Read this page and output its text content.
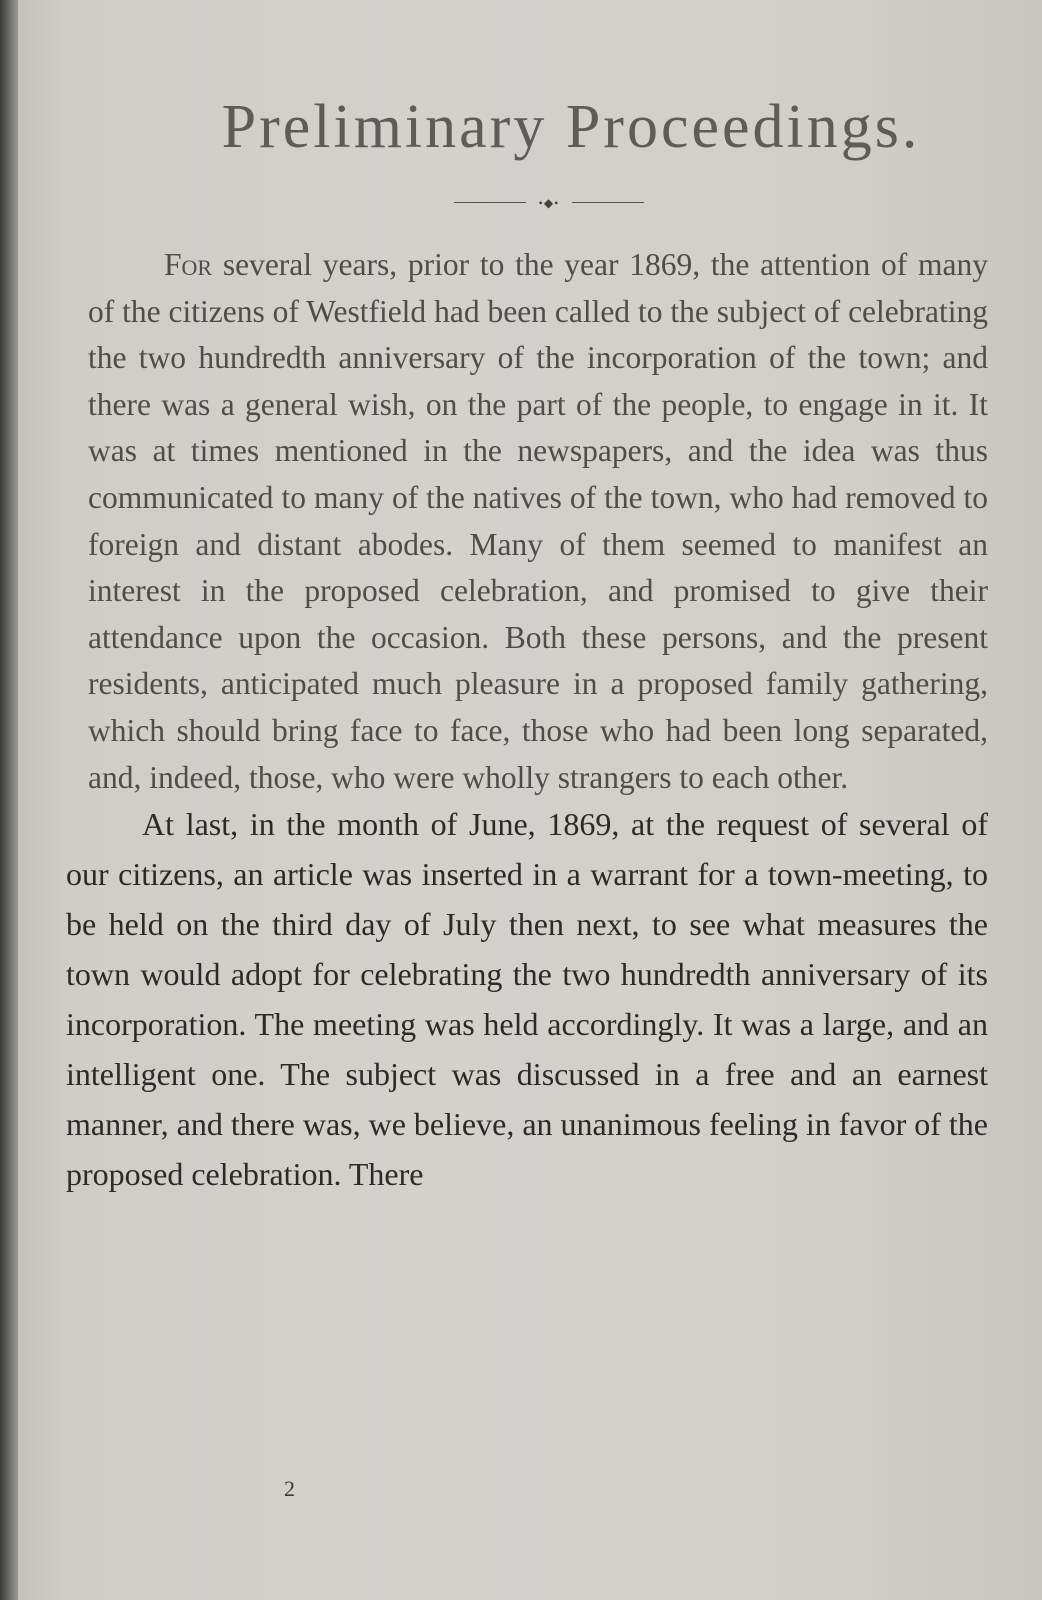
Preliminary Proceedings.
•◆•

For several years, prior to the year 1869, the attention of many of the citizens of Westfield had been called to the subject of celebrating the two hundredth anniversary of the incorporation of the town; and there was a general wish, on the part of the people, to engage in it. It was at times mentioned in the newspapers, and the idea was thus communicated to many of the natives of the town, who had removed to foreign and distant abodes. Many of them seemed to manifest an interest in the proposed celebration, and promised to give their attendance upon the occasion. Both these persons, and the present residents, anticipated much pleasure in a proposed family gathering, which should bring face to face, those who had been long separated, and, indeed, those, who were wholly strangers to each other.

At last, in the month of June, 1869, at the request of several of our citizens, an article was inserted in a warrant for a town-meeting, to be held on the third day of July then next, to see what measures the town would adopt for celebrating the two hundredth anniversary of its incorporation. The meeting was held accordingly. It was a large, and an intelligent one. The subject was discussed in a free and an earnest manner, and there was, we believe, an unanimous feeling in favor of the proposed celebration. There

2
